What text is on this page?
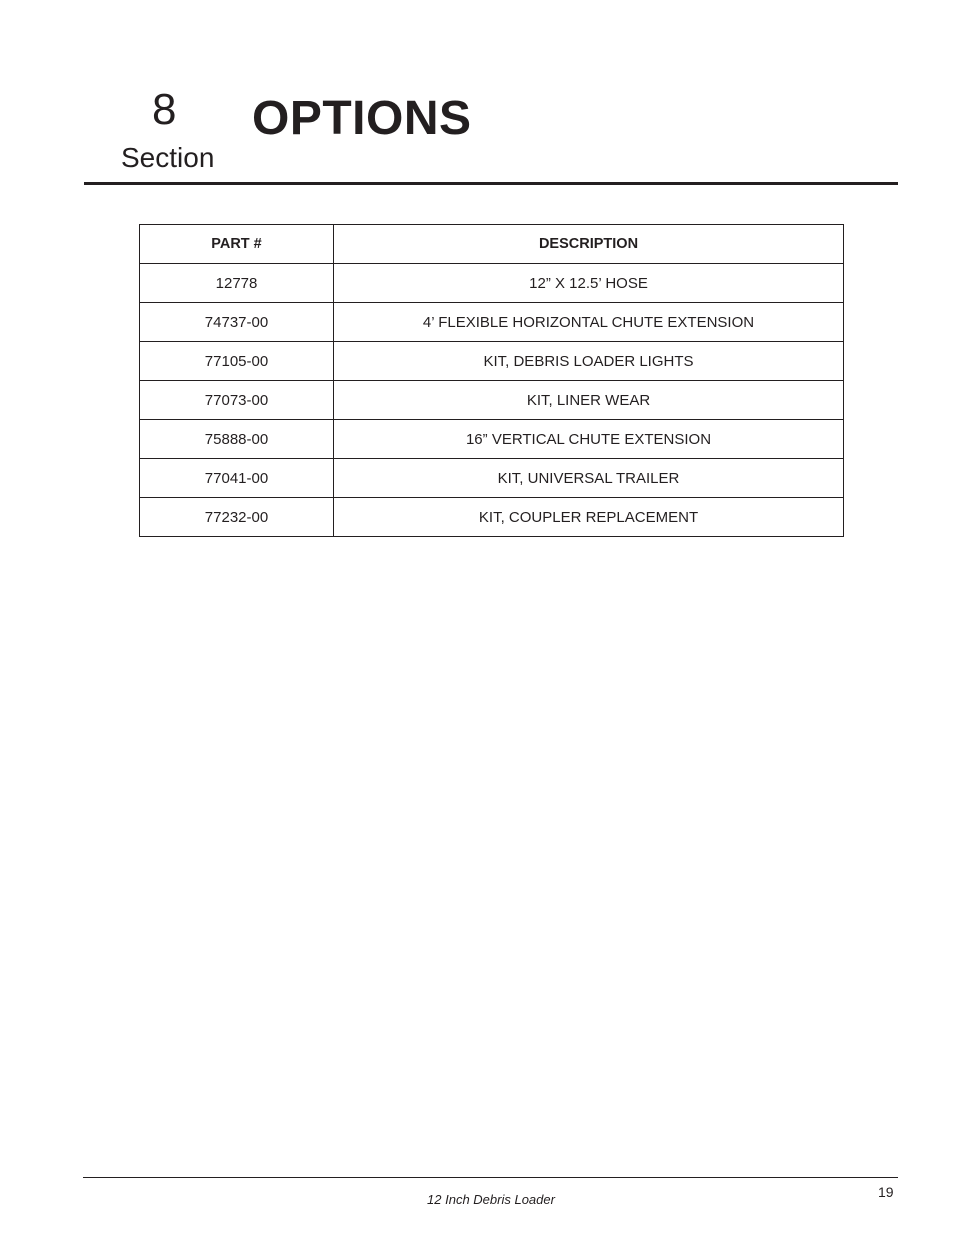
8
Section
OPTIONS
PART #	DESCRIPTION
12778	12” X 12.5’ HOSE
74737-00	4’ FLEXIBLE HORIZONTAL CHUTE EXTENSION
77105-00	KIT, DEBRIS LOADER LIGHTS
77073-00	KIT, LINER WEAR
75888-00	16” VERTICAL CHUTE EXTENSION
77041-00	KIT, UNIVERSAL TRAILER
77232-00	KIT, COUPLER REPLACEMENT
12 Inch Debris Loader	19
